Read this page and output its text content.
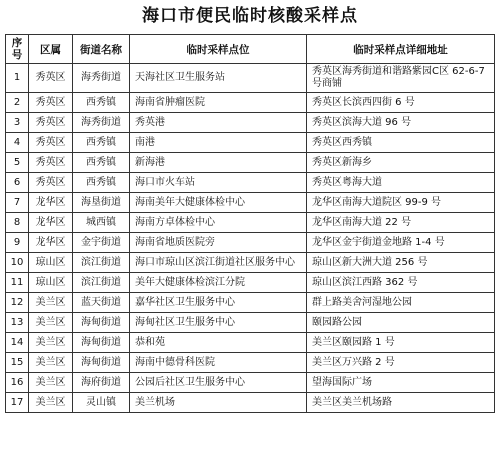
海口市便民临时核酸采样点
序号	区属	街道名称	临时采样点位	临时采样点详细地址
1	秀英区	海秀街道	天海社区卫生服务站	秀英区海秀街道和谐路紫园C区 62-6-7号商铺
2	秀英区	西秀镇	海南省肿瘤医院	秀英区长滨西四街 6 号
3	秀英区	海秀街道	秀英港	秀英区滨海大道 96 号
4	秀英区	西秀镇	南港	秀英区西秀镇
5	秀英区	西秀镇	新海港	秀英区新海乡
6	秀英区	西秀镇	海口市火车站	秀英区粤海大道
7	龙华区	海垦街道	海南美年大健康体检中心	龙华区南海大道院区 99-9 号
8	龙华区	城西镇	海南方卓体检中心	龙华区南海大道 22 号
9	龙华区	金宇街道	海南省地质医院旁	龙华区金宇街道金地路 1-4 号
10	琼山区	滨江街道	海口市琼山区滨江街道社区服务中心	琼山区新大洲大道 256 号
11	琼山区	滨江街道	美年大健康体检滨江分院	琼山区滨江西路 362 号
12	美兰区	蓝天街道	嘉华社区卫生服务中心	群上路美舍河湿地公园
13	美兰区	海甸街道	海甸社区卫生服务中心	颐园路公园
14	美兰区	海甸街道	恭和苑	美兰区颐园路 1 号
15	美兰区	海甸街道	海南中德骨科医院	美兰区万兴路 2 号
16	美兰区	海府街道	公园后社区卫生服务中心	望海国际广场
17	美兰区	灵山镇	美兰机场	美兰区美兰机场路
